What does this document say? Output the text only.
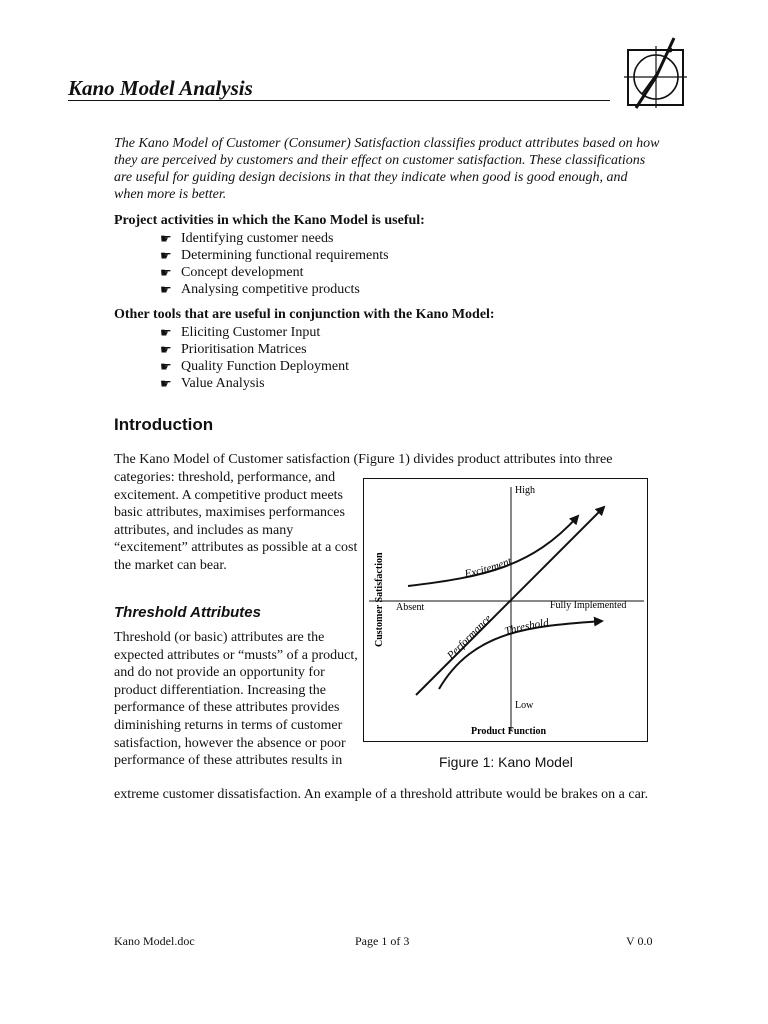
Kano Model Analysis
The Kano Model of Customer (Consumer) Satisfaction classifies product attributes based on how they are perceived by customers and their effect on customer satisfaction. These classifications are useful for guiding design decisions in that they indicate when good is good enough, and when more is better.
Project activities in which the Kano Model is useful:
☛ Identifying customer needs
☛ Determining functional requirements
☛ Concept development
☛ Analysing competitive products
Other tools that are useful in conjunction with the Kano Model:
☛ Eliciting Customer Input
☛ Prioritisation Matrices
☛ Quality Function Deployment
☛ Value Analysis
Introduction
The Kano Model of Customer satisfaction (Figure 1) divides product attributes into three
categories: threshold, performance, and excitement. A competitive product meets basic attributes, maximises performances attributes, and includes as many “excitement” attributes as possible at a cost the market can bear.
Threshold Attributes
Threshold (or basic) attributes are the expected attributes or “musts” of a product, and do not provide an opportunity for product differentiation. Increasing the performance of these attributes provides diminishing returns in terms of customer satisfaction, however the absence or poor performance of these attributes results in
extreme customer dissatisfaction. An example of a threshold attribute would be brakes on a car.
High
Low
Absent	Fully Implemented
Customer Satisfaction
Product Function
Excitement
Performance
Threshold
Figure 1: Kano Model
Kano Model.doc	Page 1 of 3	V 0.0
